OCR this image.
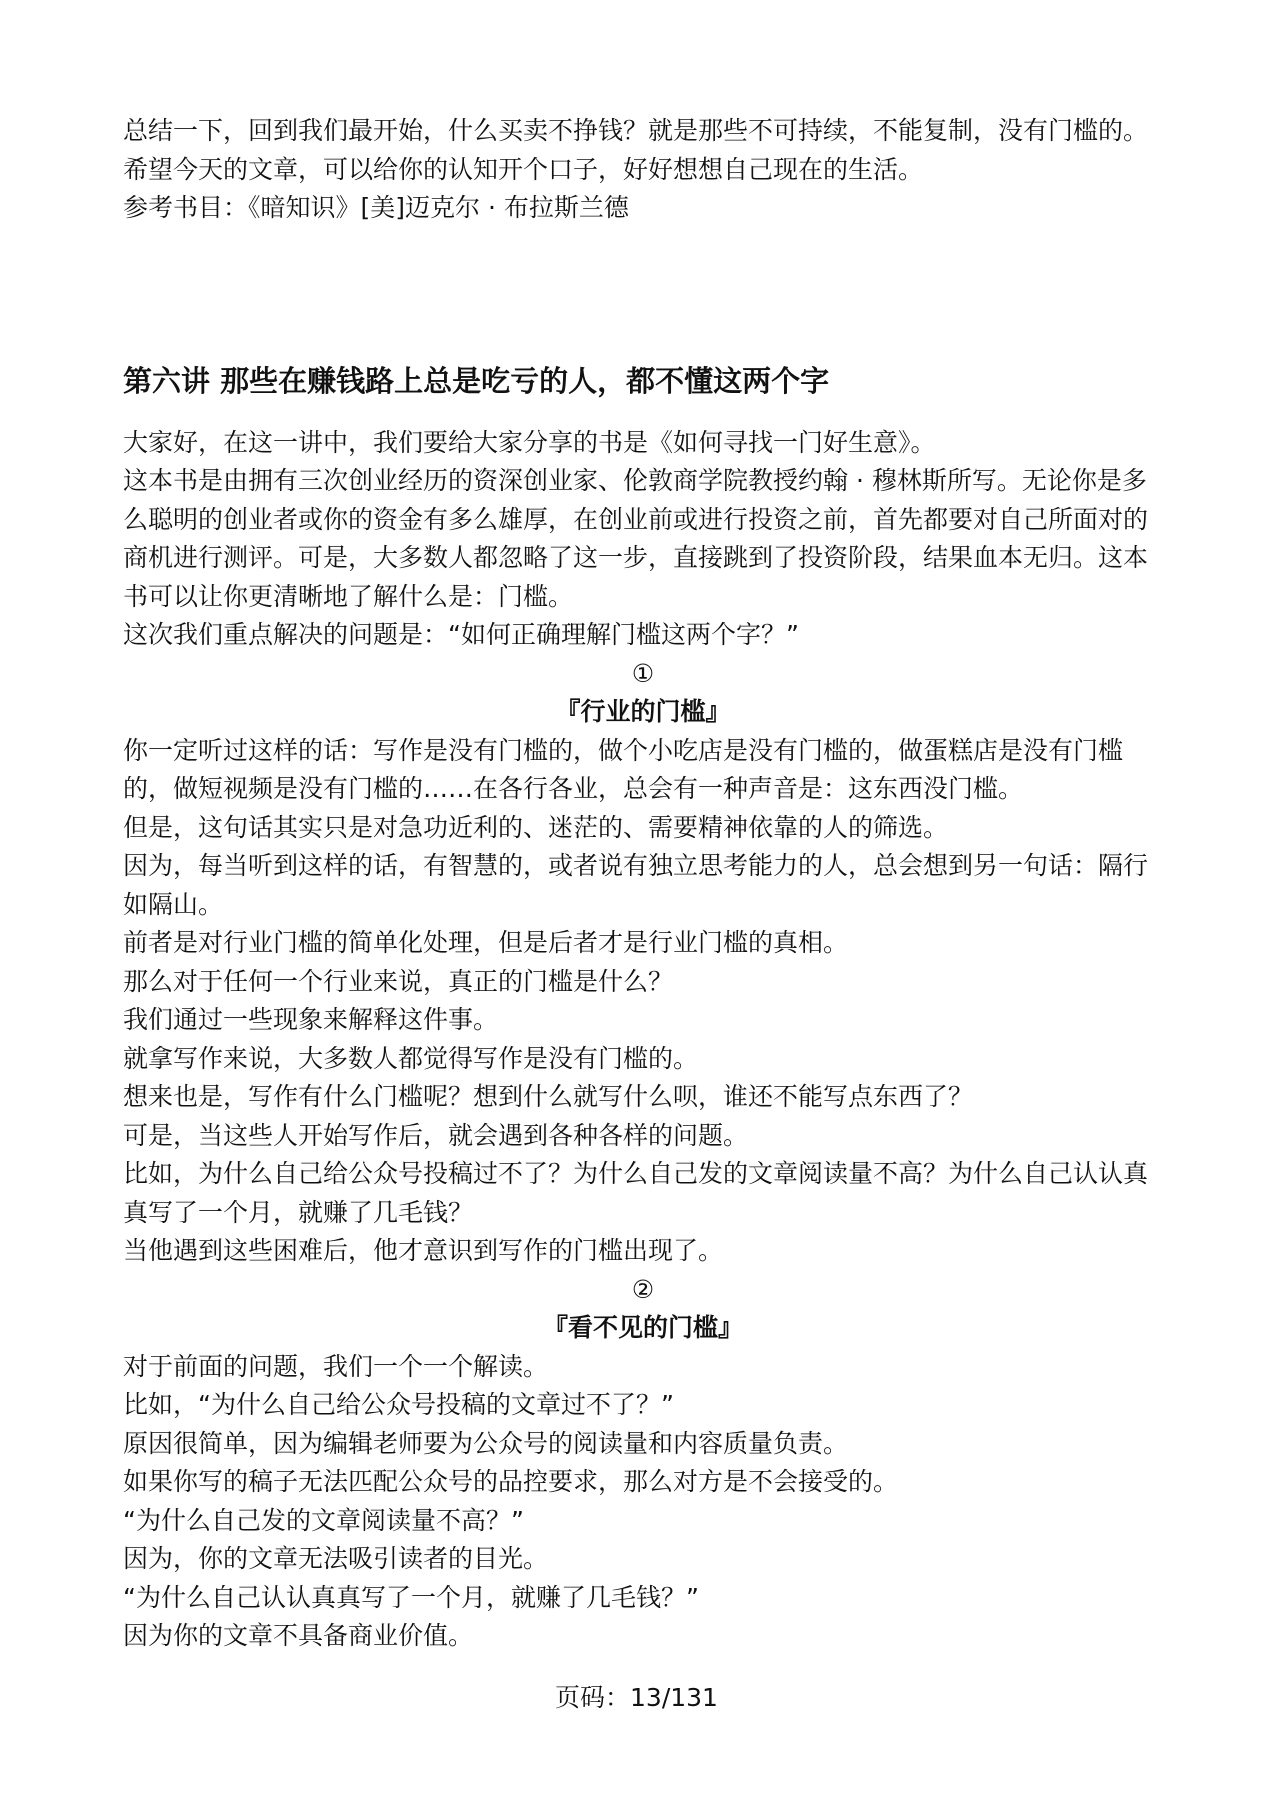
总结一下，回到我们最开始，什么买卖不挣钱？就是那些不可持续，不能复制，没有门槛的。希望今天的文章，可以给你的认知开个口子，好好想想自己现在的生活。

参考书目：《暗知识》[美]迈克尔 · 布拉斯兰德

第六讲 那些在赚钱路上总是吃亏的人，都不懂这两个字

大家好，在这一讲中，我们要给大家分享的书是《如何寻找一门好生意》。

这本书是由拥有三次创业经历的资深创业家、伦敦商学院教授约翰 · 穆林斯所写。无论你是多么聪明的创业者或你的资金有多么雄厚，在创业前或进行投资之前，首先都要对自己所面对的商机进行测评。可是，大多数人都忽略了这一步，直接跳到了投资阶段，结果血本无归。这本书可以让你更清晰地了解什么是：门槛。

这次我们重点解决的问题是：“如何正确理解门槛这两个字？”

①

『行业的门槛』

你一定听过这样的话：写作是没有门槛的，做个小吃店是没有门槛的，做蛋糕店是没有门槛的，做短视频是没有门槛的……在各行各业，总会有一种声音是：这东西没门槛。

但是，这句话其实只是对急功近利的、迷茫的、需要精神依靠的人的筛选。

因为，每当听到这样的话，有智慧的，或者说有独立思考能力的人，总会想到另一句话：隔行如隔山。

前者是对行业门槛的简单化处理，但是后者才是行业门槛的真相。

那么对于任何一个行业来说，真正的门槛是什么？

我们通过一些现象来解释这件事。

就拿写作来说，大多数人都觉得写作是没有门槛的。

想来也是，写作有什么门槛呢？想到什么就写什么呗，谁还不能写点东西了？

可是，当这些人开始写作后，就会遇到各种各样的问题。

比如，为什么自己给公众号投稿过不了？为什么自己发的文章阅读量不高？为什么自己认认真真写了一个月，就赚了几毛钱？

当他遇到这些困难后，他才意识到写作的门槛出现了。

②

『看不见的门槛』

对于前面的问题，我们一个一个解读。

比如，“为什么自己给公众号投稿的文章过不了？”

原因很简单，因为编辑老师要为公众号的阅读量和内容质量负责。

如果你写的稿子无法匹配公众号的品控要求，那么对方是不会接受的。

“为什么自己发的文章阅读量不高？”

因为，你的文章无法吸引读者的目光。

“为什么自己认认真真写了一个月，就赚了几毛钱？”

因为你的文章不具备商业价值。

页码：13/131
